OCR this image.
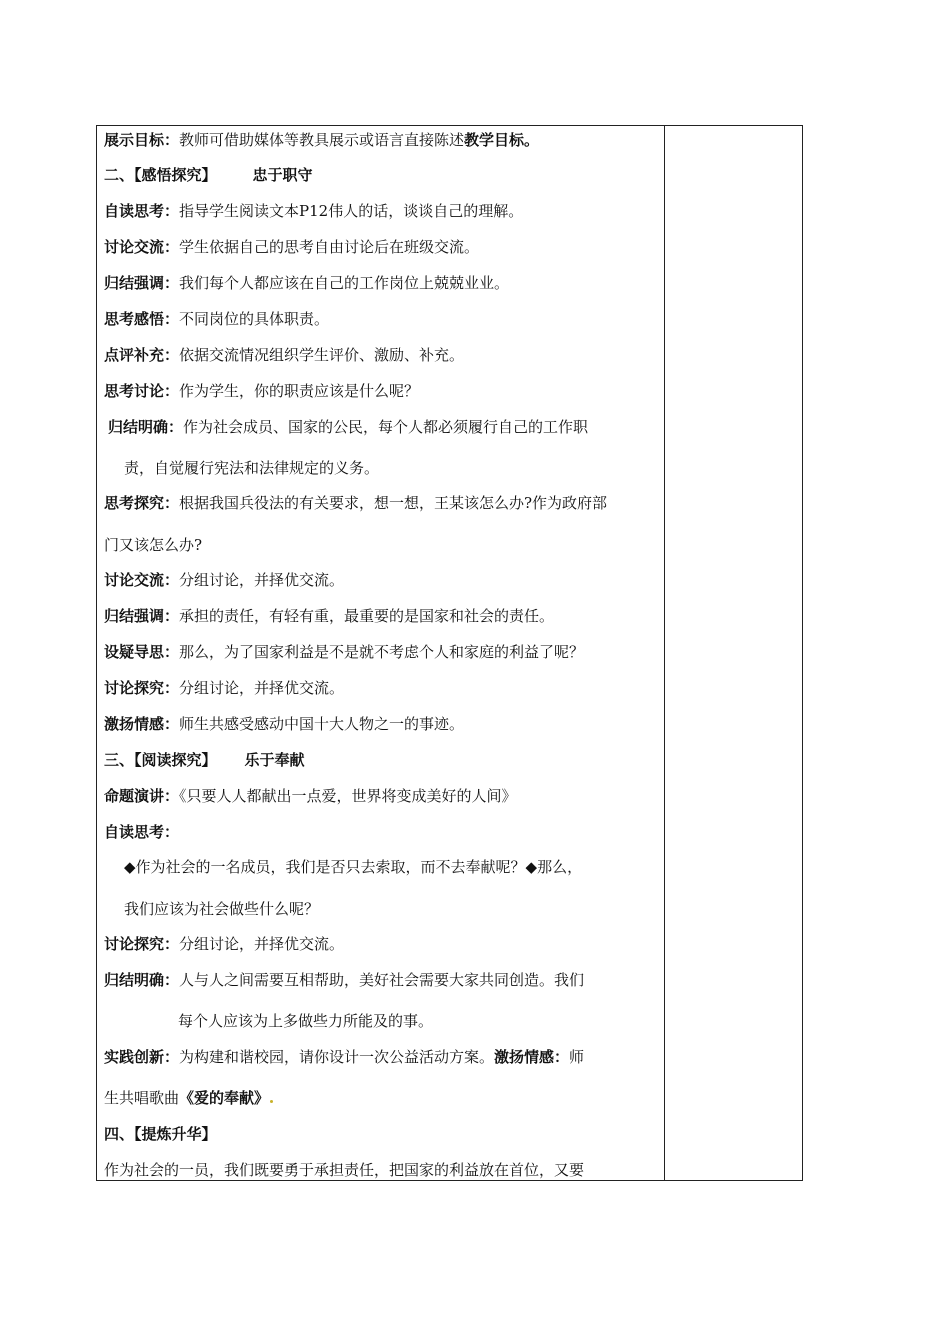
展示目标：教师可借助媒体等教具展示或语言直接陈述教学目标。
二、【感悟探究】 忠于职守
自读思考：指导学生阅读文本P12伟人的话，谈谈自己的理解。
讨论交流：学生依据自己的思考自由讨论后在班级交流。
归结强调：我们每个人都应该在自己的工作岗位上兢兢业业。
思考感悟：不同岗位的具体职责。
点评补充：依据交流情况组织学生评价、激励、补充。
思考讨论：作为学生，你的职责应该是什么呢？
归结明确：作为社会成员、国家的公民，每个人都必须履行自己的工作职
责，自觉履行宪法和法律规定的义务。
思考探究：根据我国兵役法的有关要求，想一想，王某该怎么办?作为政府部
门又该怎么办?
讨论交流：分组讨论，并择优交流。
归结强调：承担的责任，有轻有重，最重要的是国家和社会的责任。
设疑导思：那么，为了国家利益是不是就不考虑个人和家庭的利益了呢？
讨论探究：分组讨论，并择优交流。
激扬情感：师生共感受感动中国十大人物之一的事迹。
三、【阅读探究】 乐于奉献
命题演讲：《只要人人都献出一点爱，世界将变成美好的人间》
自读思考：
◆作为社会的一名成员，我们是否只去索取，而不去奉献呢？◆那么，
我们应该为社会做些什么呢？
讨论探究：分组讨论，并择优交流。
归结明确：人与人之间需要互相帮助，美好社会需要大家共同创造。我们
每个人应该为上多做些力所能及的事。
实践创新：为构建和谐校园，请你设计一次公益活动方案。激扬情感：师
生共唱歌曲《爱的奉献》
四、【提炼升华】
作为社会的一员，我们既要勇于承担责任，把国家的利益放在首位，又要
